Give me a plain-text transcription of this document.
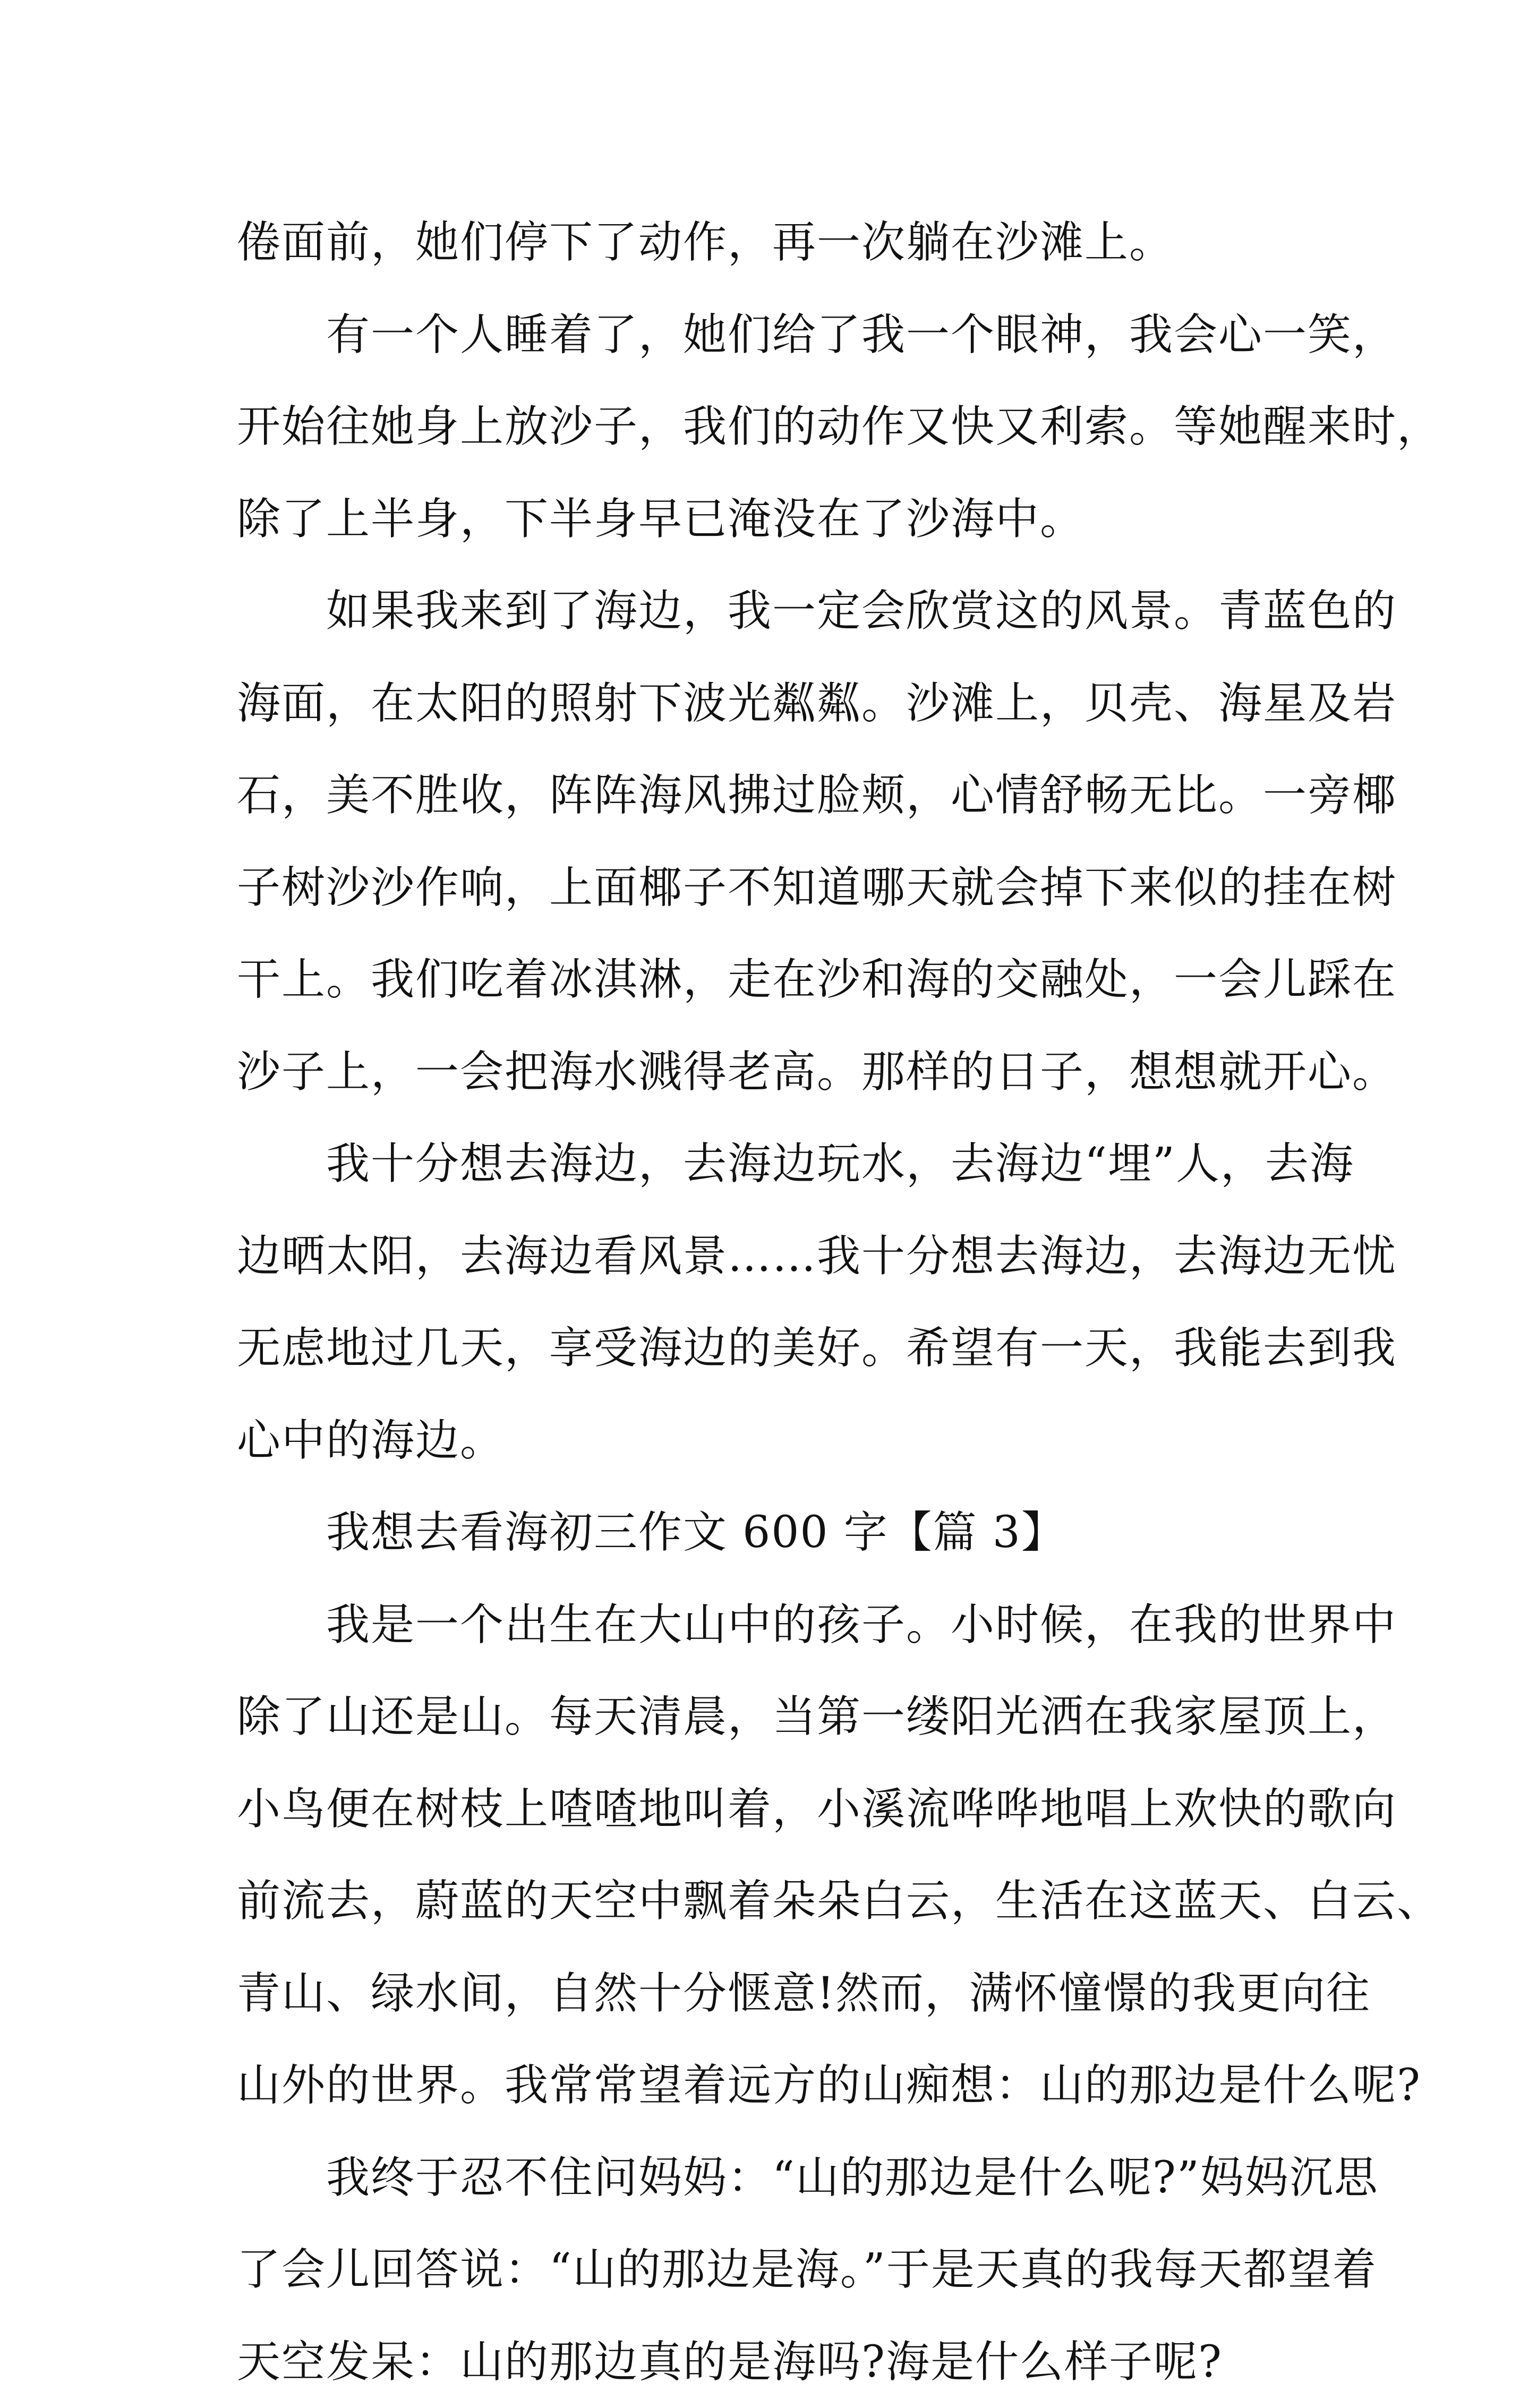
倦面前，她们停下了动作，再一次躺在沙滩上。
有一个人睡着了，她们给了我一个眼神，我会心一笑，
开始往她身上放沙子，我们的动作又快又利索。等她醒来时，
除了上半身，下半身早已淹没在了沙海中。
如果我来到了海边，我一定会欣赏这的风景。青蓝色的
海面，在太阳的照射下波光粼粼。沙滩上，贝壳、海星及岩
石，美不胜收，阵阵海风拂过脸颊，心情舒畅无比。一旁椰
子树沙沙作响，上面椰子不知道哪天就会掉下来似的挂在树
干上。我们吃着冰淇淋，走在沙和海的交融处，一会儿踩在
沙子上，一会把海水溅得老高。那样的日子，想想就开心。
我十分想去海边，去海边玩水，去海边“埋”人，去海
边晒太阳，去海边看风景……我十分想去海边，去海边无忧
无虑地过几天，享受海边的美好。希望有一天，我能去到我
心中的海边。
我想去看海初三作文 600 字【篇 3】
我是一个出生在大山中的孩子。小时候，在我的世界中
除了山还是山。每天清晨，当第一缕阳光洒在我家屋顶上，
小鸟便在树枝上喳喳地叫着，小溪流哗哗地唱上欢快的歌向
前流去，蔚蓝的天空中飘着朵朵白云，生活在这蓝天、白云、
青山、绿水间，自然十分惬意!然而，满怀憧憬的我更向往
山外的世界。我常常望着远方的山痴想：山的那边是什么呢?
我终于忍不住问妈妈：“山的那边是什么呢?”妈妈沉思
了会儿回答说：“山的那边是海。”于是天真的我每天都望着
天空发呆：山的那边真的是海吗?海是什么样子呢?
